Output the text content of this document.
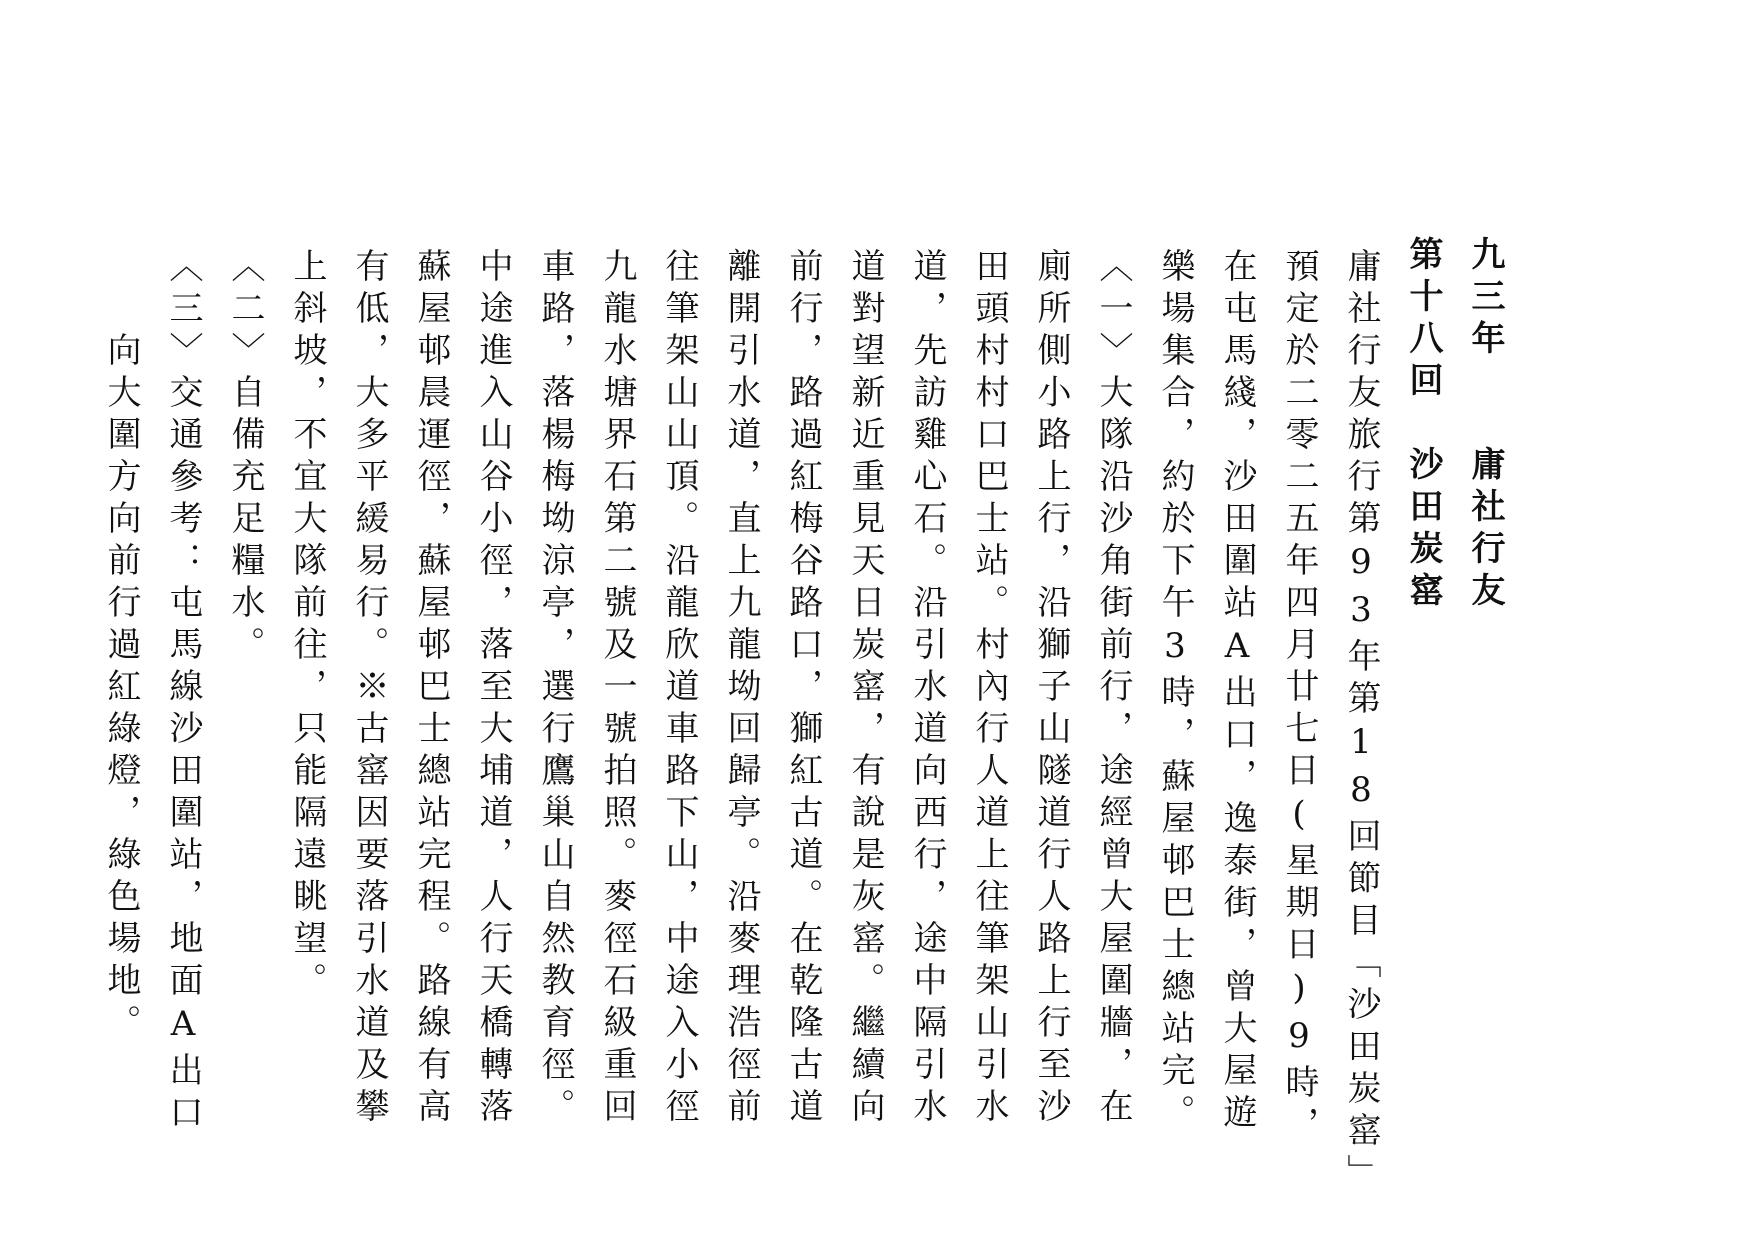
九三年　　庸社行友
第十八回　沙田炭窰
庸社行友旅行第93年第18回節目「沙田炭窰」
預定於二零二五年四月廿七日(星期日)9時，
在屯馬綫，沙田圍站A出口，逸泰街，曾大屋遊
樂場集合，約於下午3時，蘇屋邨巴士總站完。
〈一〉大隊沿沙角街前行，途經曾大屋圍牆，在
廁所側小路上行，沿獅子山隧道行人路上行至沙
田頭村村口巴士站。村內行人道上往筆架山引水
道，先訪雞心石。沿引水道向西行，途中隔引水
道對望新近重見天日炭窰，有說是灰窰。繼續向
前行，路過紅梅谷路口，獅紅古道。在乾隆古道
離開引水道，直上九龍坳回歸亭。沿麥理浩徑前
往筆架山山頂。沿龍欣道車路下山，中途入小徑
九龍水塘界石第二號及一號拍照。麥徑石級重回
車路，落楊梅坳涼亭，選行鷹巢山自然教育徑。
中途進入山谷小徑，落至大埔道，人行天橋轉落
蘇屋邨晨運徑，蘇屋邨巴士總站完程。路線有高
有低，大多平緩易行。※古窰因要落引水道及攀
上斜坡，不宜大隊前往，只能隔遠眺望。
〈二〉自備充足糧水。
〈三〉交通參考：屯馬線沙田圍站，地面A出口
　　向大圍方向前行過紅綠燈，綠色場地。
